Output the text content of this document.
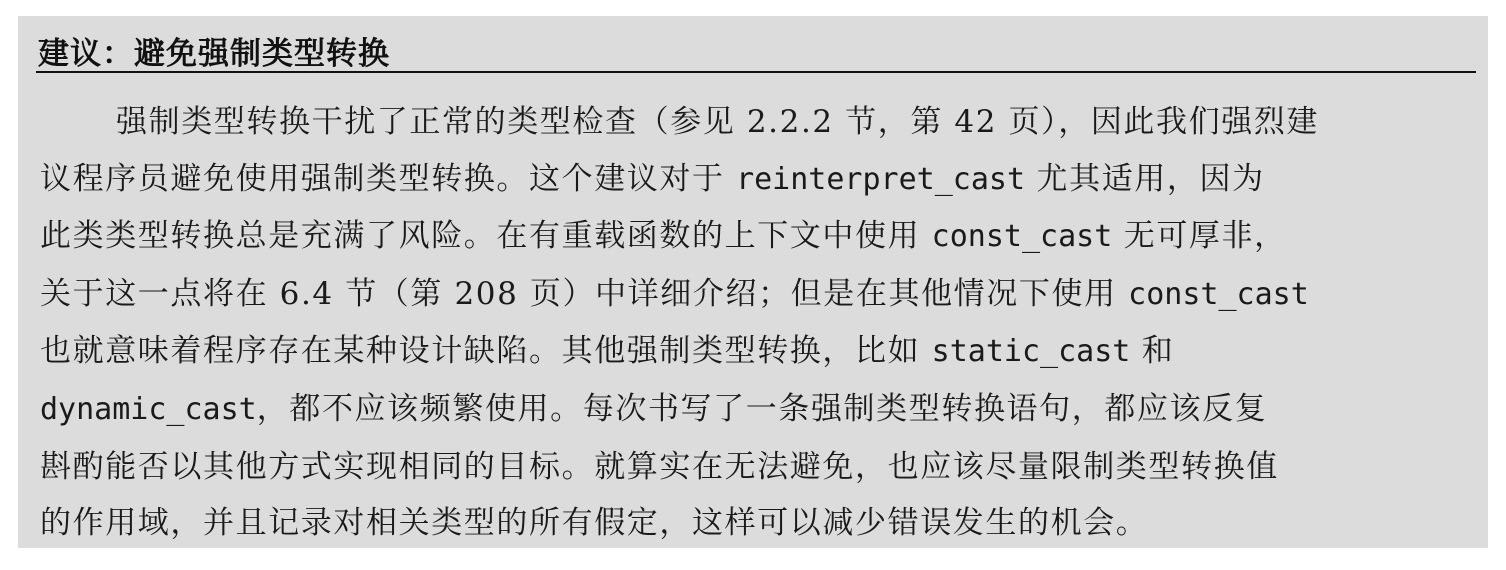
建议：避免强制类型转换
强制类型转换干扰了正常的类型检查（参见 2.2.2 节，第 42 页），因此我们强烈建
议程序员避免使用强制类型转换。这个建议对于 reinterpret_cast 尤其适用，因为
此类类型转换总是充满了风险。在有重载函数的上下文中使用 const_cast 无可厚非，
关于这一点将在 6.4 节（第 208 页）中详细介绍；但是在其他情况下使用 const_cast
也就意味着程序存在某种设计缺陷。其他强制类型转换，比如 static_cast 和
dynamic_cast，都不应该频繁使用。每次书写了一条强制类型转换语句，都应该反复
斟酌能否以其他方式实现相同的目标。就算实在无法避免，也应该尽量限制类型转换值
的作用域，并且记录对相关类型的所有假定，这样可以减少错误发生的机会。
